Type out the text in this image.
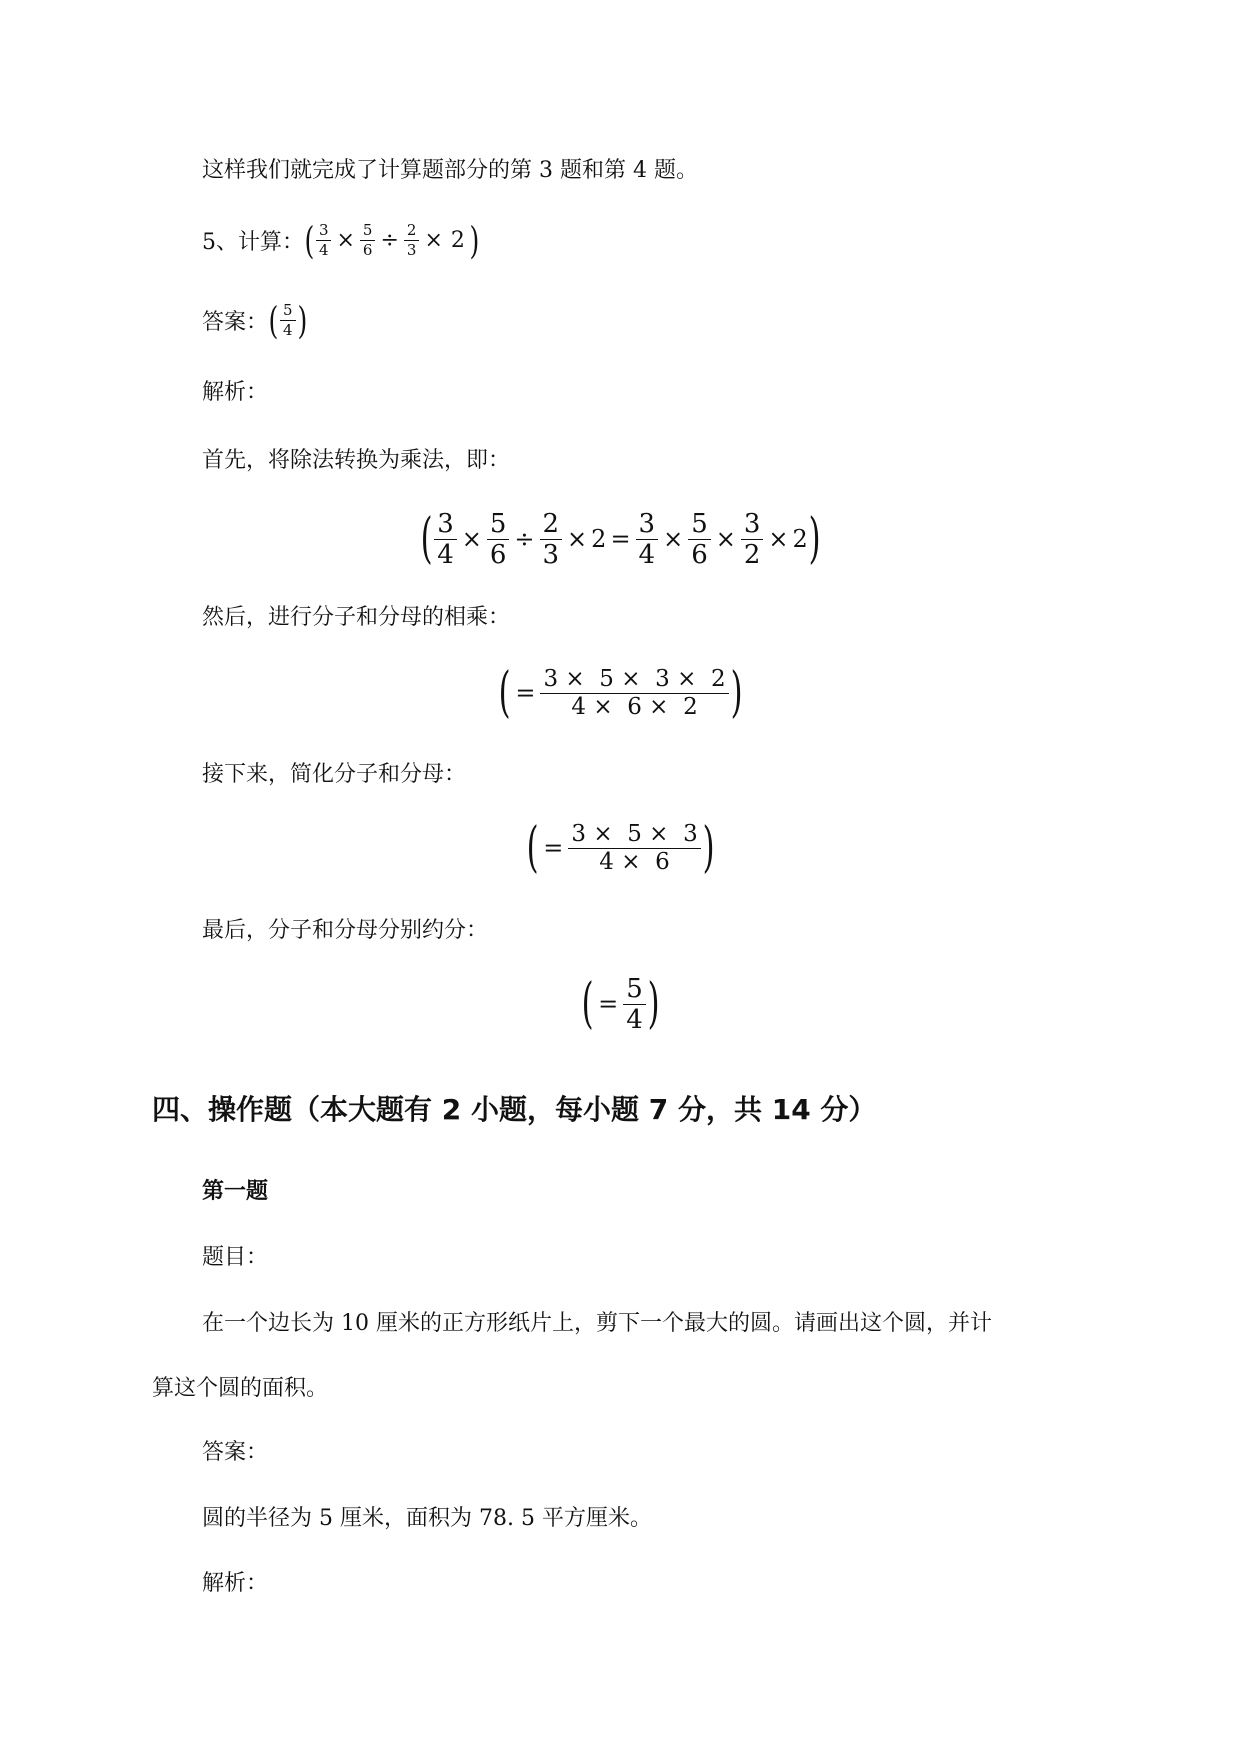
这样我们就完成了计算题部分的第 3 题和第 4 题。
5、计算： ( $\frac{3}{4} \times \frac{5}{6} \div \frac{2}{3} \times 2$ )
答案： ( $\frac{5}{4}$ )
解析：
首先，将除法转换为乘法，即：
( $\frac{3}{4} \times \frac{5}{6} \div \frac{2}{3} \times 2 = \frac{3}{4} \times \frac{5}{6} \times \frac{3}{2} \times 2$ )
然后，进行分子和分母的相乘：
( = $\frac{3 \times 5 \times 3 \times 2}{4 \times 6 \times 2}$ )
接下来，简化分子和分母：
( = $\frac{3 \times 5 \times 3}{4 \times 6}$ )
最后，分子和分母分别约分：
( = $\frac{5}{4}$ )
四、操作题（本大题有 2 小题，每小题 7 分，共 14 分）
第一题
题目：
在一个边长为 10 厘米的正方形纸片上，剪下一个最大的圆。请画出这个圆，并计
算这个圆的面积。
答案：
圆的半径为 5 厘米，面积为 78. 5 平方厘米。
解析：
